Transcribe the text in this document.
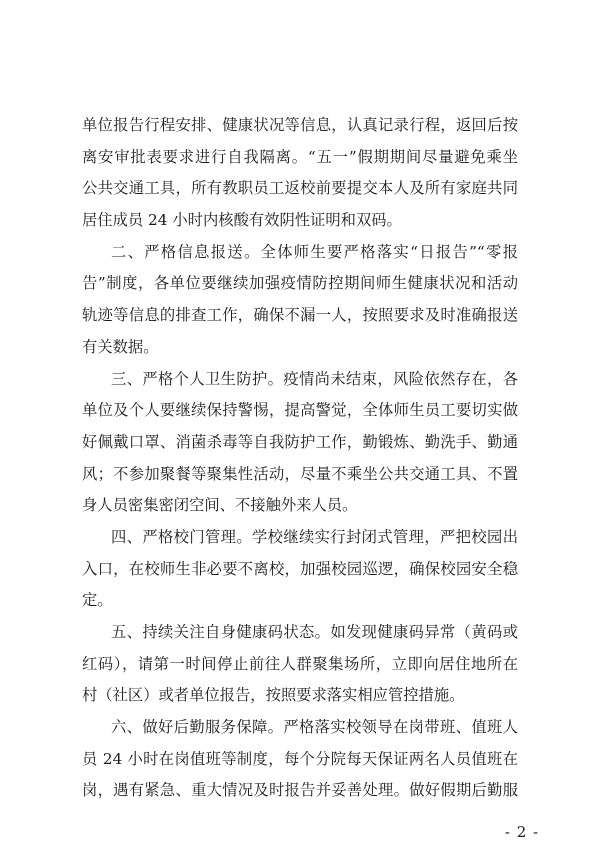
单位报告行程安排、健康状况等信息，认真记录行程，返回后按
离安审批表要求进行自我隔离。“五一”假期期间尽量避免乘坐
公共交通工具，所有教职员工返校前要提交本人及所有家庭共同
居住成员 24 小时内核酸有效阴性证明和双码。
二、严格信息报送。全体师生要严格落实“日报告”“零报
告”制度，各单位要继续加强疫情防控期间师生健康状况和活动
轨迹等信息的排查工作，确保不漏一人，按照要求及时准确报送
有关数据。
三、严格个人卫生防护。疫情尚未结束，风险依然存在，各
单位及个人要继续保持警惕，提高警觉，全体师生员工要切实做
好佩戴口罩、消菌杀毒等自我防护工作，勤锻炼、勤洗手、勤通
风；不参加聚餐等聚集性活动，尽量不乘坐公共交通工具、不置
身人员密集密闭空间、不接触外来人员。
四、严格校门管理。学校继续实行封闭式管理，严把校园出
入口，在校师生非必要不离校，加强校园巡逻，确保校园安全稳
定。
五、持续关注自身健康码状态。如发现健康码异常（黄码或
红码），请第一时间停止前往人群聚集场所，立即向居住地所在
村（社区）或者单位报告，按照要求落实相应管控措施。
六、做好后勤服务保障。严格落实校领导在岗带班、值班人
员 24 小时在岗值班等制度，每个分院每天保证两名人员值班在
岗，遇有紧急、重大情况及时报告并妥善处理。做好假期后勤服
- 2 -
